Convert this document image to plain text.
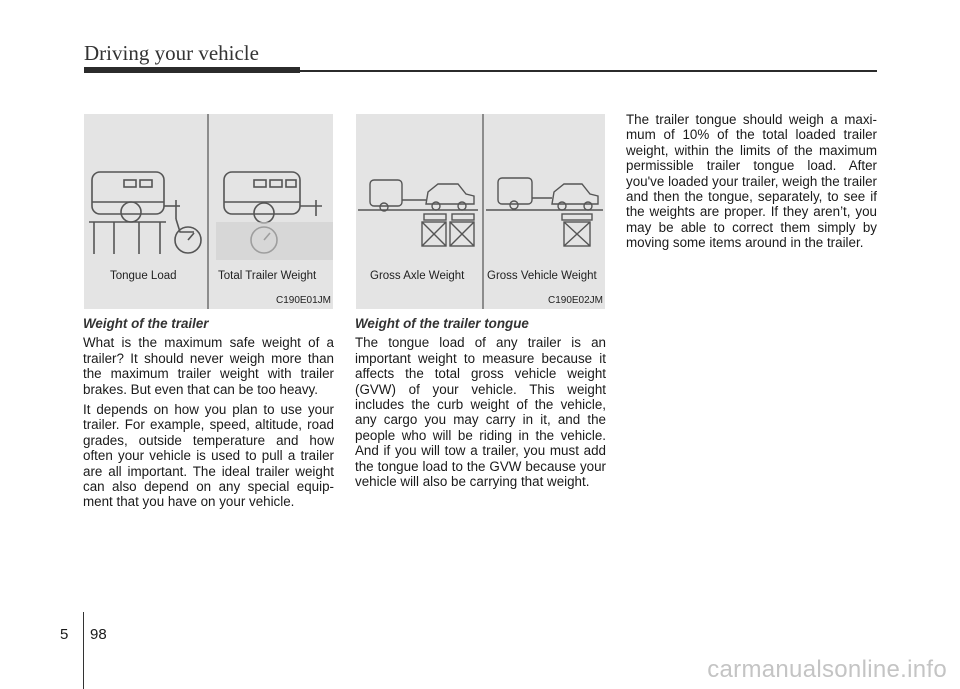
Driving your vehicle
Tongue Load	Total Trailer Weight
C190E01JM
Gross Axle Weight Gross Vehicle Weight
C190E02JM
Weight of the trailer

What is the maximum safe weight of a trailer? It should never weigh more than the maximum trailer weight with trailer brakes. But even that can be too heavy.

It depends on how you plan to use your trailer. For example, speed, altitude, road grades, outside temperature and how often your vehicle is used to pull a trailer are all important. The ideal trailer weight can also depend on any special equipment that you have on your vehicle.

Weight of the trailer tongue

The tongue load of any trailer is an important weight to measure because it affects the total gross vehicle weight (GVW) of your vehicle. This weight includes the curb weight of the vehicle, any cargo you may carry in it, and the people who will be riding in the vehicle. And if you will tow a trailer, you must add the tongue load to the GVW because your vehicle will also be carrying that weight.

The trailer tongue should weigh a maximum of 10% of the total loaded trailer weight, within the limits of the maximum permissible trailer tongue load. After you've loaded your trailer, weigh the trailer and then the tongue, separately, to see if the weights are proper. If they aren’t, you may be able to correct them simply by moving some items around in the trailer.

5 98
carmanualsonline.info
